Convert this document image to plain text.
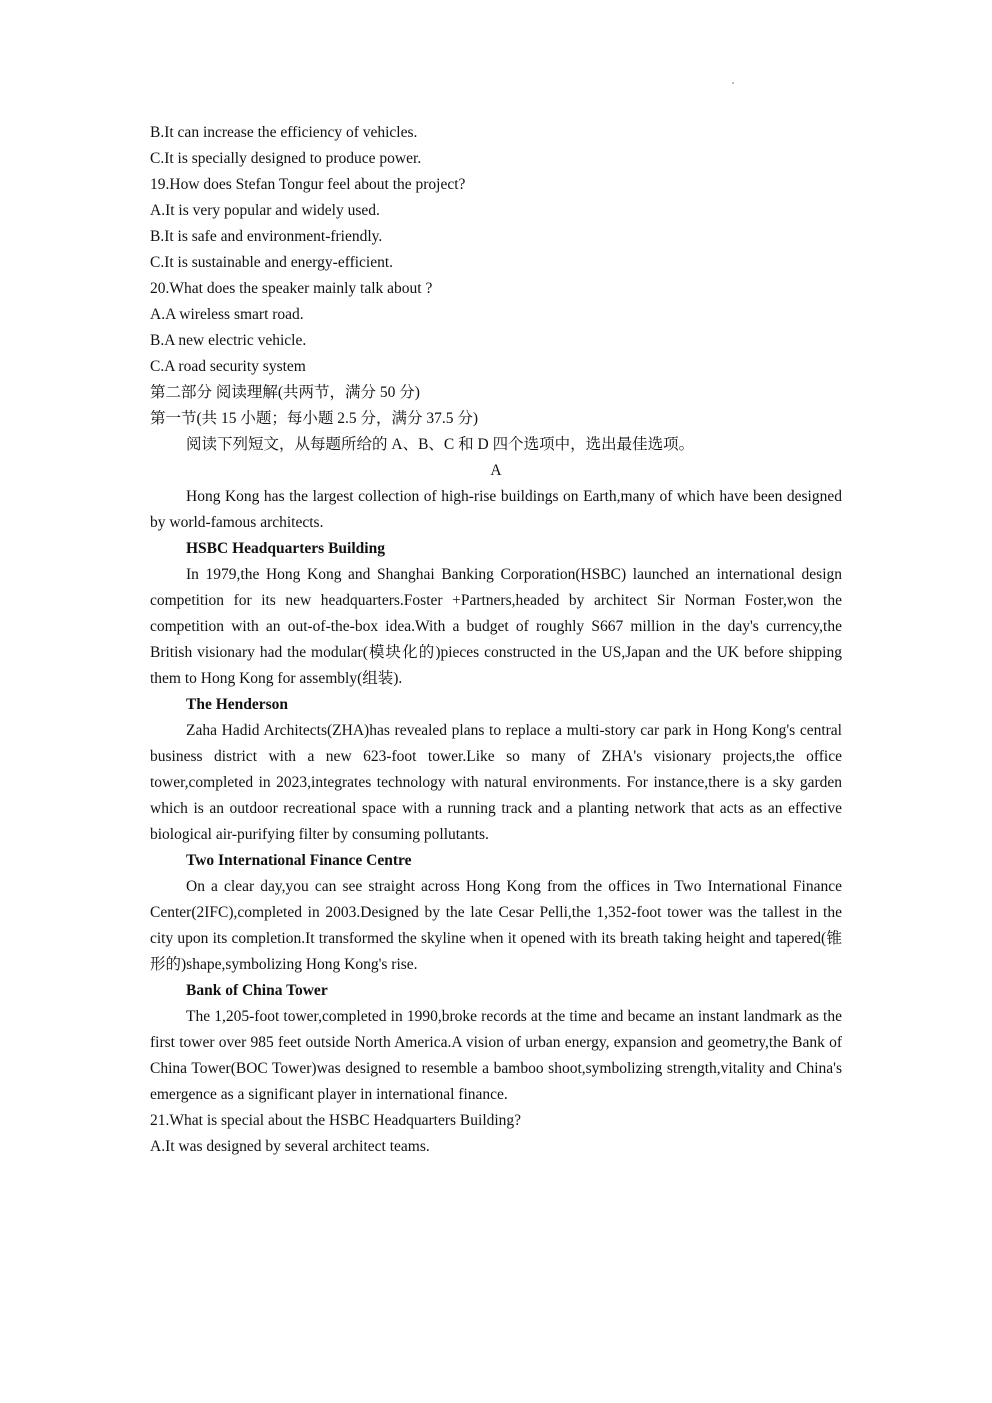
B.It can increase the efficiency of vehicles.

C.It is specially designed to produce power.

19.How does Stefan Tongur feel about the project?

A.It is very popular and widely used.

B.It is safe and environment-friendly.

C.It is sustainable and energy-efficient.

20.What does the speaker mainly talk about ?

A.A wireless smart road.

B.A new electric vehicle.

C.A road security system

第二部分 阅读理解(共两节，满分 50 分)

第一节(共 15 小题；每小题 2.5 分，满分 37.5 分)

阅读下列短文，从每题所给的 A、B、C 和 D 四个选项中，选出最佳选项。

A

Hong Kong has the largest collection of high-rise buildings on Earth,many of which have been designed by world-famous architects.

HSBC Headquarters Building

In 1979,the Hong Kong and Shanghai Banking Corporation(HSBC) launched an international design competition for its new headquarters.Foster +Partners,headed by architect Sir Norman Foster,won the competition with an out-of-the-box idea.With a budget of roughly S667 million in the day's currency,the British visionary had the modular(模块化的)pieces constructed in the US,Japan and the UK before shipping them to Hong Kong for assembly(组装).

The Henderson

Zaha Hadid Architects(ZHA)has revealed plans to replace a multi-story car park in Hong Kong's central business district with a new 623-foot tower.Like so many of ZHA's visionary projects,the office tower,completed in 2023,integrates technology with natural environments. For instance,there is a sky garden which is an outdoor recreational space with a running track and a planting network that acts as an effective biological air-purifying filter by consuming pollutants.

Two International Finance Centre

On a clear day,you can see straight across Hong Kong from the offices in Two International Finance Center(2IFC),completed in 2003.Designed by the late Cesar Pelli,the 1,352-foot tower was the tallest in the city upon its completion.It transformed the skyline when it opened with its breath taking height and tapered(锥形的)shape,symbolizing Hong Kong's rise.

Bank of China Tower

The 1,205-foot tower,completed in 1990,broke records at the time and became an instant landmark as the first tower over 985 feet outside North America.A vision of urban energy, expansion and geometry,the Bank of China Tower(BOC Tower)was designed to resemble a bamboo shoot,symbolizing strength,vitality and China's emergence as a significant player in international finance.

21.What is special about the HSBC Headquarters Building?

A.It was designed by several architect teams.
